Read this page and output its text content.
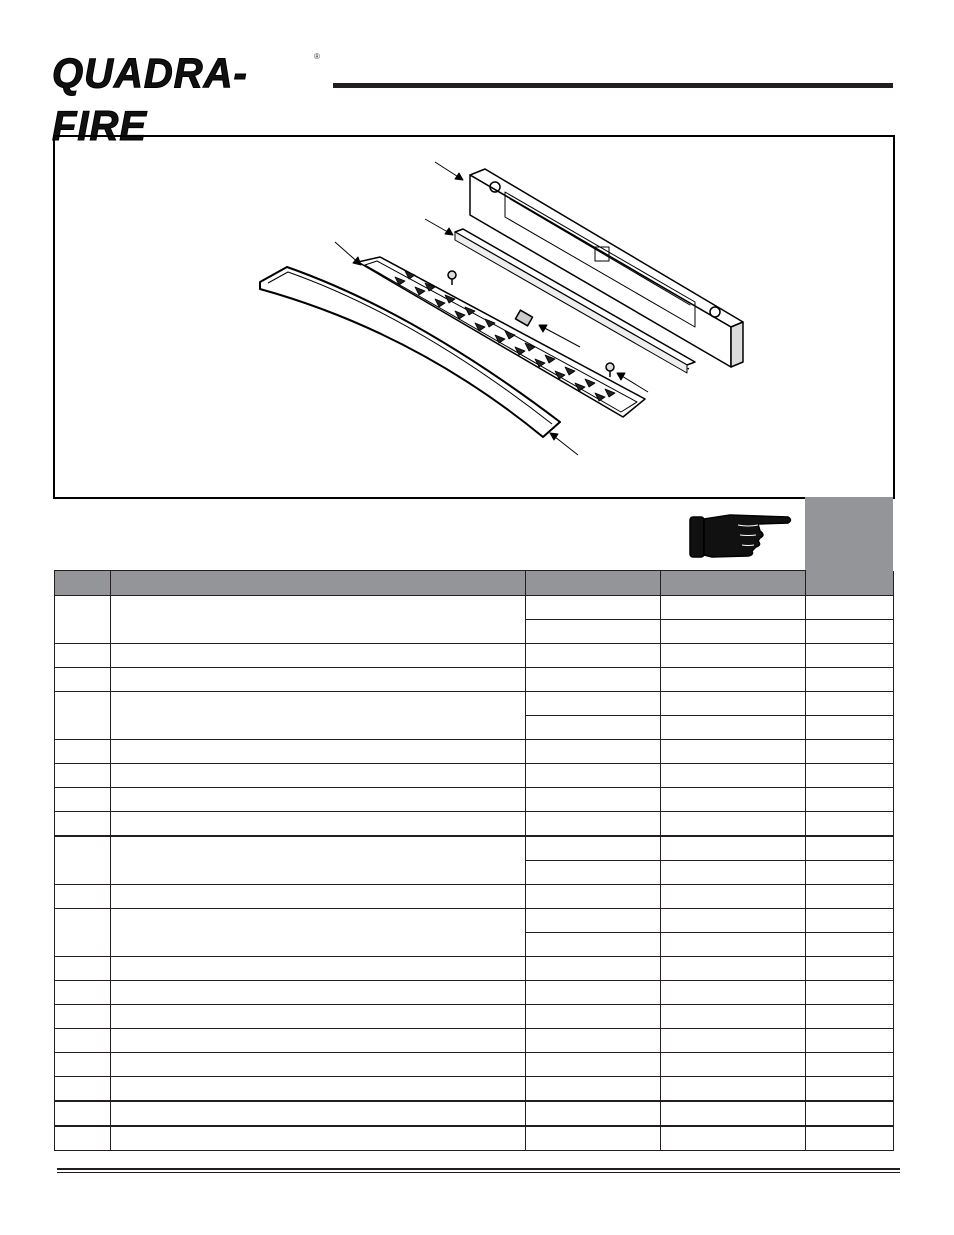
QUADRA-FIRE
®
